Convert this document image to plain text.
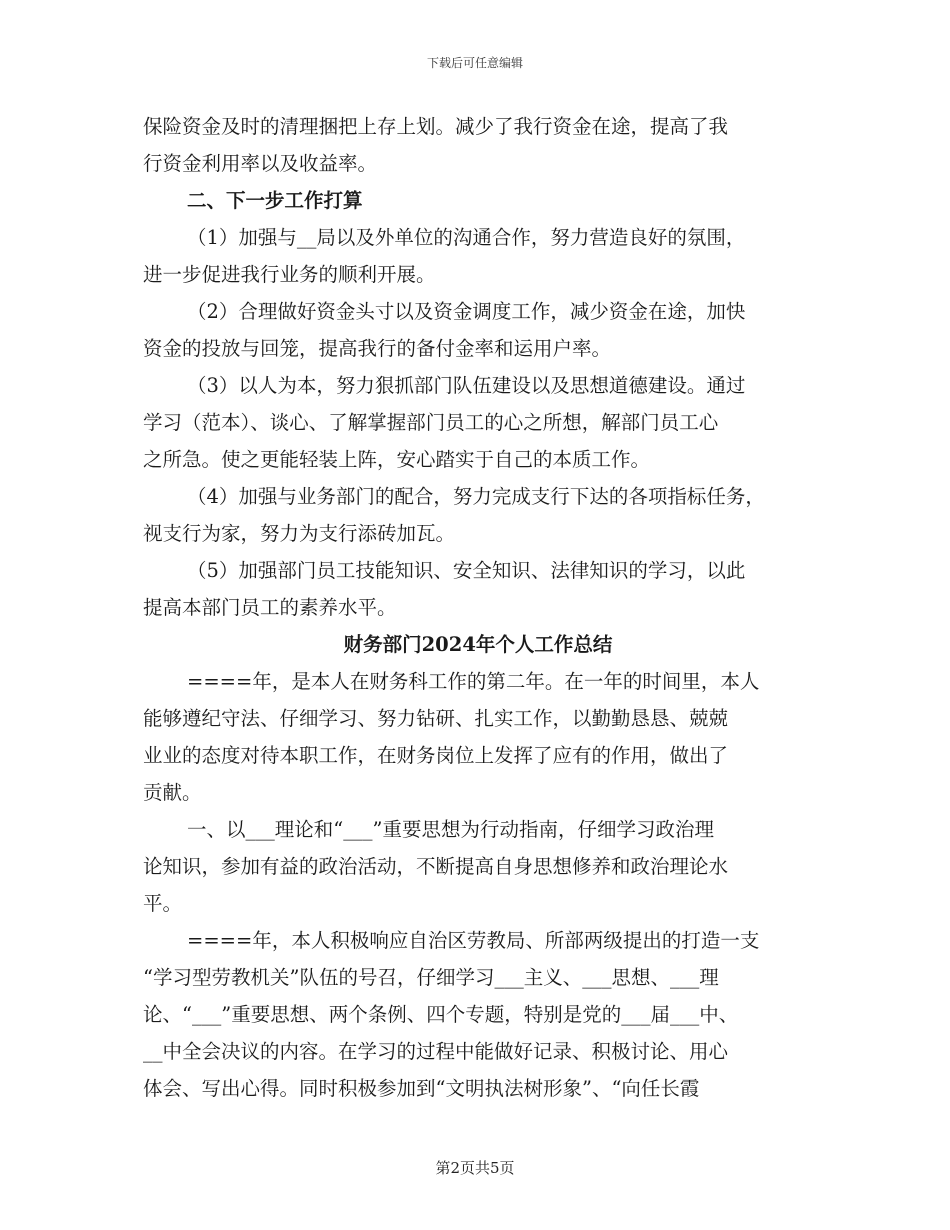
下载后可任意编辑

保险资金及时的清理捆把上存上划。减少了我行资金在途，提高了我

行资金利用率以及收益率。

二、下一步工作打算

（1）加强与__局以及外单位的沟通合作，努力营造良好的氛围，

进一步促进我行业务的顺利开展。

（2）合理做好资金头寸以及资金调度工作，减少资金在途，加快

资金的投放与回笼，提高我行的备付金率和运用户率。

（3）以人为本，努力狠抓部门队伍建设以及思想道德建设。通过

学习（范本）、谈心、了解掌握部门员工的心之所想，解部门员工心

之所急。使之更能轻装上阵，安心踏实于自己的本质工作。

（4）加强与业务部门的配合，努力完成支行下达的各项指标任务，

视支行为家，努力为支行添砖加瓦。

（5）加强部门员工技能知识、安全知识、法律知识的学习，以此

提高本部门员工的素养水平。

财务部门2024年个人工作总结

====年，是本人在财务科工作的第二年。在一年的时间里，本人

能够遵纪守法、仔细学习、努力钻研、扎实工作，以勤勤恳恳、兢兢

业业的态度对待本职工作，在财务岗位上发挥了应有的作用，做出了

贡献。

一、以___理论和“___”重要思想为行动指南，仔细学习政治理

论知识，参加有益的政治活动，不断提高自身思想修养和政治理论水

平。

====年，本人积极响应自治区劳教局、所部两级提出的打造一支

“学习型劳教机关”队伍的号召，仔细学习___主义、___思想、___理

论、“___”重要思想、两个条例、四个专题，特别是党的___届___中、

__中全会决议的内容。在学习的过程中能做好记录、积极讨论、用心

体会、写出心得。同时积极参加到“文明执法树形象”、“向任长霞

第2页共5页
